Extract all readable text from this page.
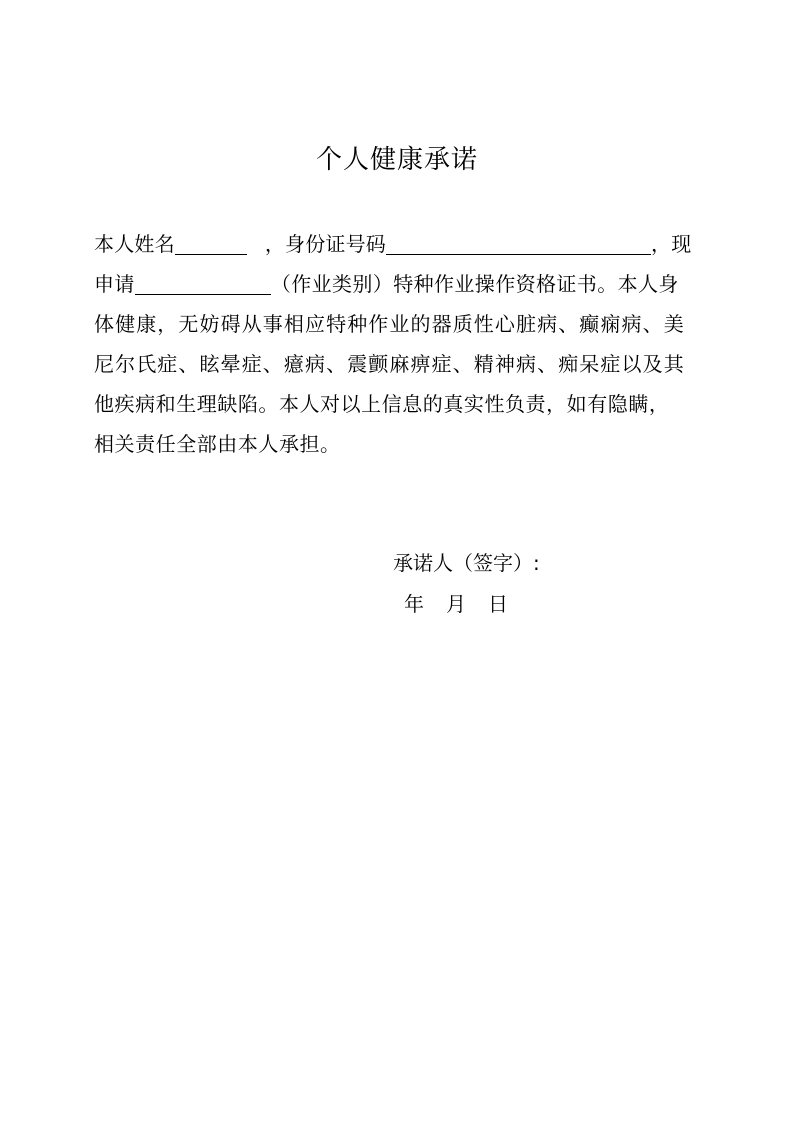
个人健康承诺
本人姓名	，身份证号码	，现
申请	（作业类别）特种作业操作资格证书。本人身
体健康，无妨碍从事相应特种作业的器质性心脏病、癫痫病、美
尼尔氏症、眩晕症、癔病、震颤麻痹症、精神病、痴呆症以及其
他疾病和生理缺陷。本人对以上信息的真实性负责，如有隐瞒，
相关责任全部由本人承担。
承诺人（签字）:
年 月 日
